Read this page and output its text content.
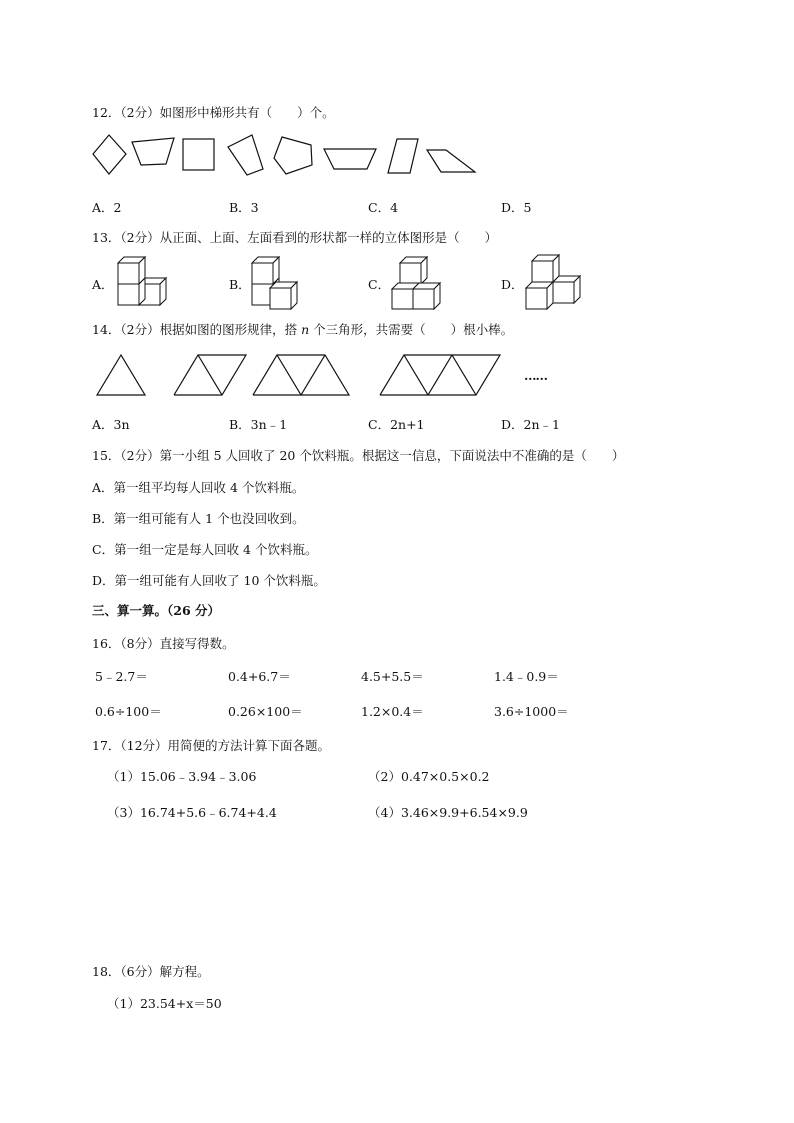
12．（2分）如图形中梯形共有（　　）个。
A．2	B．3	C．4	D．5
13．（2分）从正面、上面、左面看到的形状都一样的立体图形是（　　）
A．	B．	C．	D．
14．（2分）根据如图的图形规律，搭 n 个三角形，共需要（　　）根小棒。
……
A．3n	B．3n﹣1	C．2n+1	D．2n﹣1
15．（2分）第一小组 5 人回收了 20 个饮料瓶。根据这一信息，下面说法中不准确的是（　　）
A．第一组平均每人回收 4 个饮料瓶。
B．第一组可能有人 1 个也没回收到。
C．第一组一定是每人回收 4 个饮料瓶。
D．第一组可能有人回收了 10 个饮料瓶。
三、算一算。（26 分）
16．（8分）直接写得数。
5﹣2.7＝	0.4+6.7＝	4.5+5.5＝	1.4﹣0.9＝
0.6÷100＝	0.26×100＝	1.2×0.4＝	3.6÷1000＝
17．（12分）用简便的方法计算下面各题。
（1）15.06﹣3.94﹣3.06	（2）0.47×0.5×0.2
（3）16.74+5.6﹣6.74+4.4	（4）3.46×9.9+6.54×9.9
18．（6分）解方程。
（1）23.54+x＝50
